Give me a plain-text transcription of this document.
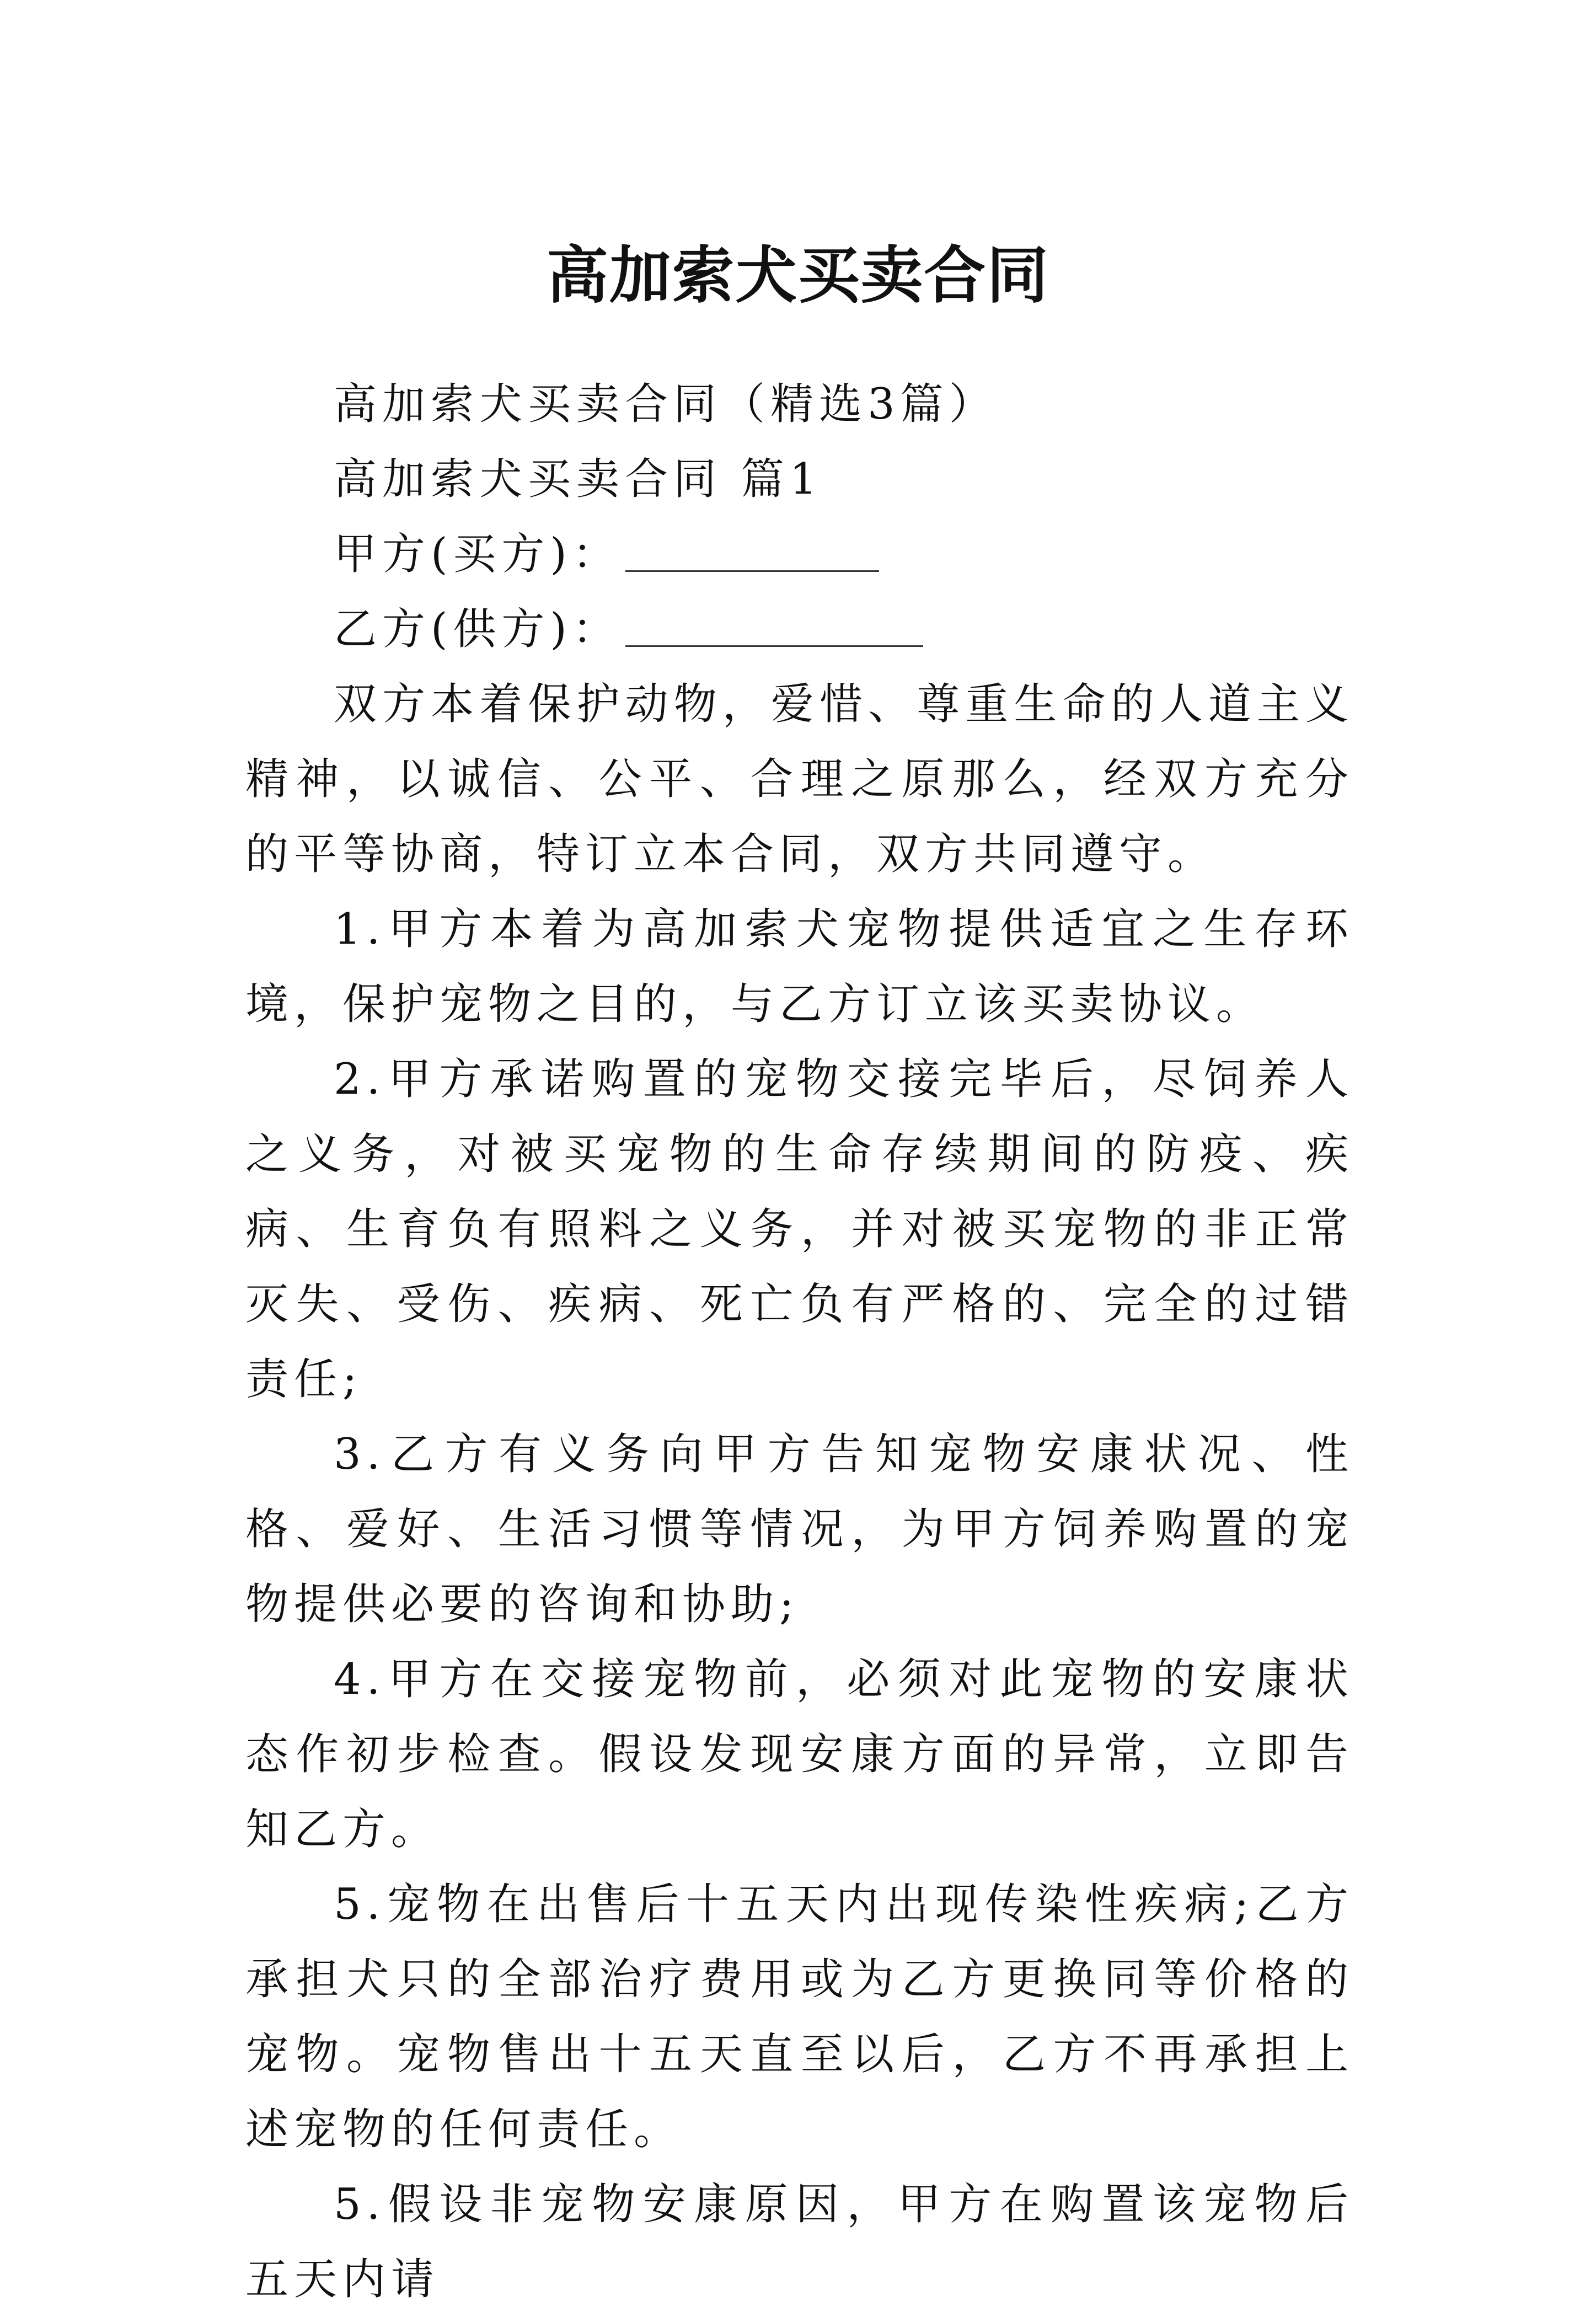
高加索犬买卖合同

高加索犬买卖合同（精选3篇）

高加索犬买卖合同 篇1

甲方(买方)：

乙方(供方)：

双方本着保护动物，爱惜、尊重生命的人道主义精神，以诚信、公平、合理之原那么，经双方充分的平等协商，特订立本合同，双方共同遵守。

1.甲方本着为高加索犬宠物提供适宜之生存环境，保护宠物之目的，与乙方订立该买卖协议。

2.甲方承诺购置的宠物交接完毕后，尽饲养人之义务，对被买宠物的生命存续期间的防疫、疾病、生育负有照料之义务，并对被买宠物的非正常灭失、受伤、疾病、死亡负有严格的、完全的过错责任;

3.乙方有义务向甲方告知宠物安康状况、性格、爱好、生活习惯等情况，为甲方饲养购置的宠物提供必要的咨询和协助;

4.甲方在交接宠物前，必须对此宠物的安康状态作初步检查。假设发现安康方面的异常，立即告知乙方。

5.宠物在出售后十五天内出现传染性疾病;乙方承担犬只的全部治疗费用或为乙方更换同等价格的宠物。宠物售出十五天直至以后，乙方不再承担上述宠物的任何责任。

5.假设非宠物安康原因，甲方在购置该宠物后五天内请
